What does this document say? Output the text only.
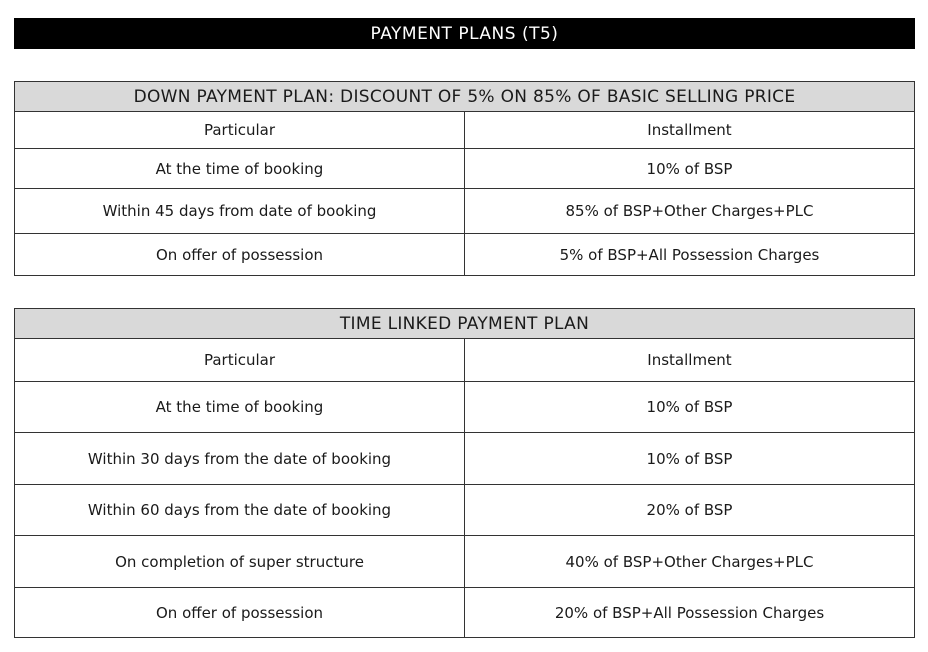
PAYMENT PLANS (T5)
DOWN PAYMENT PLAN: DISCOUNT OF 5% ON 85% OF BASIC SELLING PRICE
Particular	Installment
At the time of booking	10% of BSP
Within 45 days from date of booking	85% of BSP+Other Charges+PLC
On offer of possession	5% of BSP+All Possession Charges
TIME LINKED PAYMENT PLAN
Particular	Installment
At the time of booking	10% of BSP
Within 30 days from the date of booking	10% of BSP
Within 60 days from the date of booking	20% of BSP
On completion of super structure	40% of BSP+Other Charges+PLC
On offer of possession	20% of BSP+All Possession Charges
